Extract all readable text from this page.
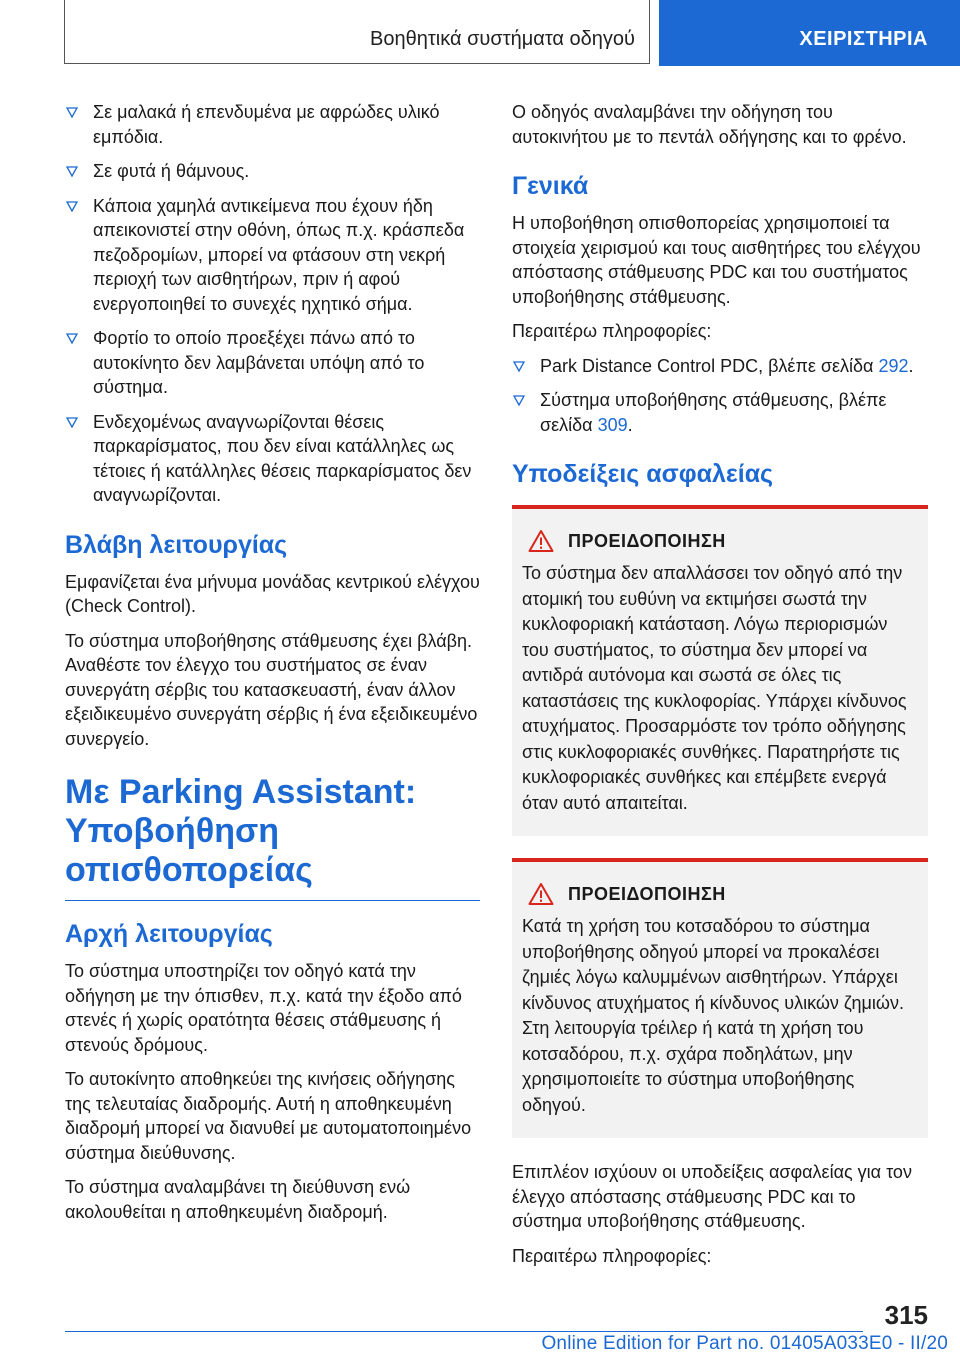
Βοηθητικά συστήματα οδηγού	ΧΕΙΡΙΣΤΗΡΙΑ
Σε μαλακά ή επενδυμένα με αφρώδες υλικό εμπόδια.
Σε φυτά ή θάμνους.
Κάποια χαμηλά αντικείμενα που έχουν ήδη απεικονιστεί στην οθόνη, όπως π.χ. κράσπεδα πεζοδρομίων, μπορεί να φτάσουν στη νεκρή περιοχή των αισθητήρων, πριν ή αφού ενεργοποιηθεί το συνεχές ηχητικό σήμα.
Φορτίο το οποίο προεξέχει πάνω από το αυτοκίνητο δεν λαμβάνεται υπόψη από το σύστημα.
Ενδεχομένως αναγνωρίζονται θέσεις παρκαρίσματος, που δεν είναι κατάλληλες ως τέτοιες ή κατάλληλες θέσεις παρκαρίσματος δεν αναγνωρίζονται.
Βλάβη λειτουργίας

Εμφανίζεται ένα μήνυμα μονάδας κεντρικού ελέγχου (Check Control).

Το σύστημα υποβοήθησης στάθμευσης έχει βλάβη. Αναθέστε τον έλεγχο του συστήματος σε έναν συνεργάτη σέρβις του κατασκευαστή, έναν άλλον εξειδικευμένο συνεργάτη σέρβις ή ένα εξειδικευμένο συνεργείο.

Με Parking Assistant: Υποβοήθηση οπισθοπορείας
Αρχή λειτουργίας

Το σύστημα υποστηρίζει τον οδηγό κατά την οδήγηση με την όπισθεν, π.χ. κατά την έξοδο από στενές ή χωρίς ορατότητα θέσεις στάθμευσης ή στενούς δρόμους.

Το αυτοκίνητο αποθηκεύει της κινήσεις οδήγησης της τελευταίας διαδρομής. Αυτή η αποθηκευμένη διαδρομή μπορεί να διανυθεί με αυτοματοποιημένο σύστημα διεύθυνσης.

Το σύστημα αναλαμβάνει τη διεύθυνση ενώ ακολουθείται η αποθηκευμένη διαδρομή.

Ο οδηγός αναλαμβάνει την οδήγηση του αυτοκινήτου με το πεντάλ οδήγησης και το φρένο.

Γενικά

Η υποβοήθηση οπισθοπορείας χρησιμοποιεί τα στοιχεία χειρισμού και τους αισθητήρες του ελέγχου απόστασης στάθμευσης PDC και του συστήματος υποβοήθησης στάθμευσης.

Περαιτέρω πληροφορίες:

Park Distance Control PDC, βλέπε σελίδα 292.
Σύστημα υποβοήθησης στάθμευσης, βλέπε σελίδα 309.
Υποδείξεις ασφαλείας
ΠΡΟΕΙΔΟΠΟΙΗΣΗ

Το σύστημα δεν απαλλάσσει τον οδηγό από την ατομική του ευθύνη να εκτιμήσει σωστά την κυκλοφοριακή κατάσταση. Λόγω περιορισμών του συστήματος, το σύστημα δεν μπορεί να αντιδρά αυτόνομα και σωστά σε όλες τις καταστάσεις της κυκλοφορίας. Υπάρχει κίνδυνος ατυχήματος. Προσαρμόστε τον τρόπο οδήγησης στις κυκλοφοριακές συνθήκες. Παρατηρήστε τις κυκλοφοριακές συνθήκες και επέμβετε ενεργά όταν αυτό απαιτείται.

ΠΡΟΕΙΔΟΠΟΙΗΣΗ

Κατά τη χρήση του κοτσαδόρου το σύστημα υποβοήθησης οδηγού μπορεί να προκαλέσει ζημιές λόγω καλυμμένων αισθητήρων. Υπάρχει κίνδυνος ατυχήματος ή κίνδυνος υλικών ζημιών. Στη λειτουργία τρέιλερ ή κατά τη χρήση του κοτσαδόρου, π.χ. σχάρα ποδηλάτων, μην χρησιμοποιείτε το σύστημα υποβοήθησης οδηγού.

Επιπλέον ισχύουν οι υποδείξεις ασφαλείας για τον έλεγχο απόστασης στάθμευσης PDC και το σύστημα υποβοήθησης στάθμευσης.

Περαιτέρω πληροφορίες:

315
Online Edition for Part no. 01405A033E0 - II/20
